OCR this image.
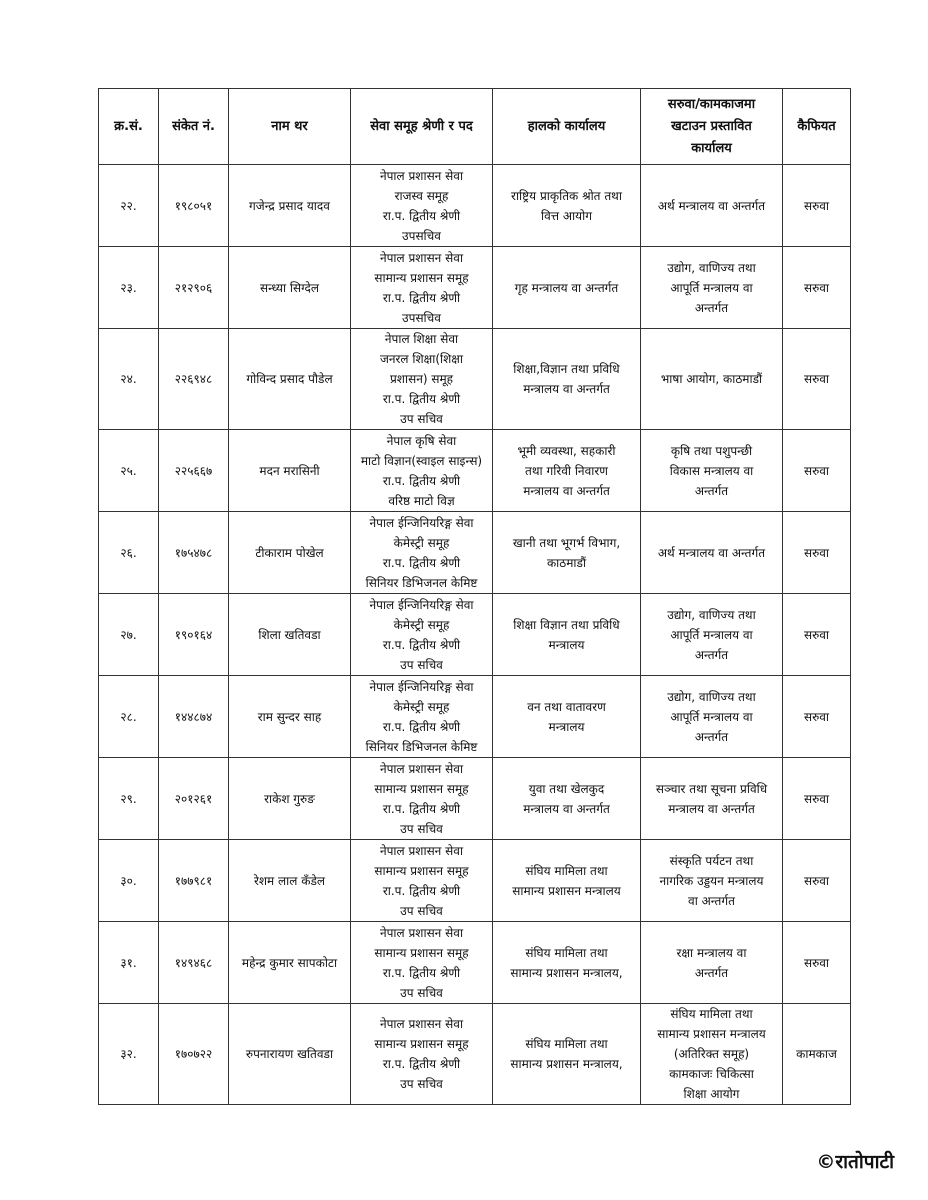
क्र.सं.	संकेत नं.	नाम थर	सेवा समूह श्रेणी र पद	हालको कार्यालय	सरुवा/कामकाजमा
खटाउन प्रस्तावित
कार्यालय	कैफियत
२२.	१९८०५१	गजेन्द्र प्रसाद यादव	नेपाल प्रशासन सेवा
राजस्व समूह
रा.प. द्वितीय श्रेणी
उपसचिव	राष्ट्रिय प्राकृतिक श्रोत तथा
वित्त आयोग	अर्थ मन्त्रालय वा अन्तर्गत	सरुवा
२३.	२१२९०६	सन्ध्या सिग्देल	नेपाल प्रशासन सेवा
सामान्य प्रशासन समूह
रा.प. द्वितीय श्रेणी
उपसचिव	गृह मन्त्रालय वा अन्तर्गत	उद्योग, वाणिज्य तथा
आपूर्ति मन्त्रालय वा
अन्तर्गत	सरुवा
२४.	२२६९४८	गोविन्द प्रसाद पौडेल	नेपाल शिक्षा सेवा
जनरल शिक्षा(शिक्षा
प्रशासन) समूह
रा.प. द्वितीय श्रेणी
उप सचिव	शिक्षा,विज्ञान तथा प्रविधि
मन्त्रालय वा अन्तर्गत	भाषा आयोग, काठमाडौं	सरुवा
२५.	२२५६६७	मदन मरासिनी	नेपाल कृषि सेवा
माटो विज्ञान(स्वाइल साइन्स)
रा.प. द्वितीय श्रेणी
वरिष्ठ माटो विज्ञ	भूमी व्यवस्था, सहकारी
तथा गरिवी निवारण
मन्त्रालय वा अन्तर्गत	कृषि तथा पशुपन्छी
विकास मन्त्रालय वा
अन्तर्गत	सरुवा
२६.	१७५४७८	टीकाराम पोखेल	नेपाल ईन्जिनियरिङ्ग सेवा
केमेस्ट्री समूह
रा.प. द्वितीय श्रेणी
सिनियर डिभिजनल केमिष्ट	खानी तथा भूगर्भ विभाग,
काठमाडौं	अर्थ मन्त्रालय वा अन्तर्गत	सरुवा
२७.	१९०१६४	शिला खतिवडा	नेपाल ईन्जिनियरिङ्ग सेवा
केमेस्ट्री समूह
रा.प. द्वितीय श्रेणी
उप सचिव	शिक्षा विज्ञान तथा प्रविधि
मन्त्रालय	उद्योग, वाणिज्य तथा
आपूर्ति मन्त्रालय वा
अन्तर्गत	सरुवा
२८.	१४४८७४	राम सुन्दर साह	नेपाल ईन्जिनियरिङ्ग सेवा
केमेस्ट्री समूह
रा.प. द्वितीय श्रेणी
सिनियर डिभिजनल केमिष्ट	वन तथा वातावरण
मन्त्रालय	उद्योग, वाणिज्य तथा
आपूर्ति मन्त्रालय वा
अन्तर्गत	सरुवा
२९.	२०१२६१	राकेश गुरुङ	नेपाल प्रशासन सेवा
सामान्य प्रशासन समूह
रा.प. द्वितीय श्रेणी
उप सचिव	युवा तथा खेलकुद
मन्त्रालय वा अन्तर्गत	सञ्चार तथा सूचना प्रविधि
मन्त्रालय वा अन्तर्गत	सरुवा
३०.	१७७९८१	रेशम लाल कँडेल	नेपाल प्रशासन सेवा
सामान्य प्रशासन समूह
रा.प. द्वितीय श्रेणी
उप सचिव	संघिय मामिला तथा
सामान्य प्रशासन मन्त्रालय	संस्कृति पर्यटन तथा
नागरिक उड्डयन मन्त्रालय
वा अन्तर्गत	सरुवा
३१.	१४९४६८	महेन्द्र कुमार सापकोटा	नेपाल प्रशासन सेवा
सामान्य प्रशासन समूह
रा.प. द्वितीय श्रेणी
उप सचिव	संघिय मामिला तथा
सामान्य प्रशासन मन्त्रालय,	रक्षा मन्त्रालय वा
अन्तर्गत	सरुवा
३२.	१७०७२२	रुपनारायण खतिवडा	नेपाल प्रशासन सेवा
सामान्य प्रशासन समूह
रा.प. द्वितीय श्रेणी
उप सचिव	संघिय मामिला तथा
सामान्य प्रशासन मन्त्रालय,	संघिय मामिला तथा
सामान्य प्रशासन मन्त्रालय
(अतिरिक्त समूह)
कामकाजः चिकित्सा
शिक्षा आयोग	कामकाज
©रातोपाटी
